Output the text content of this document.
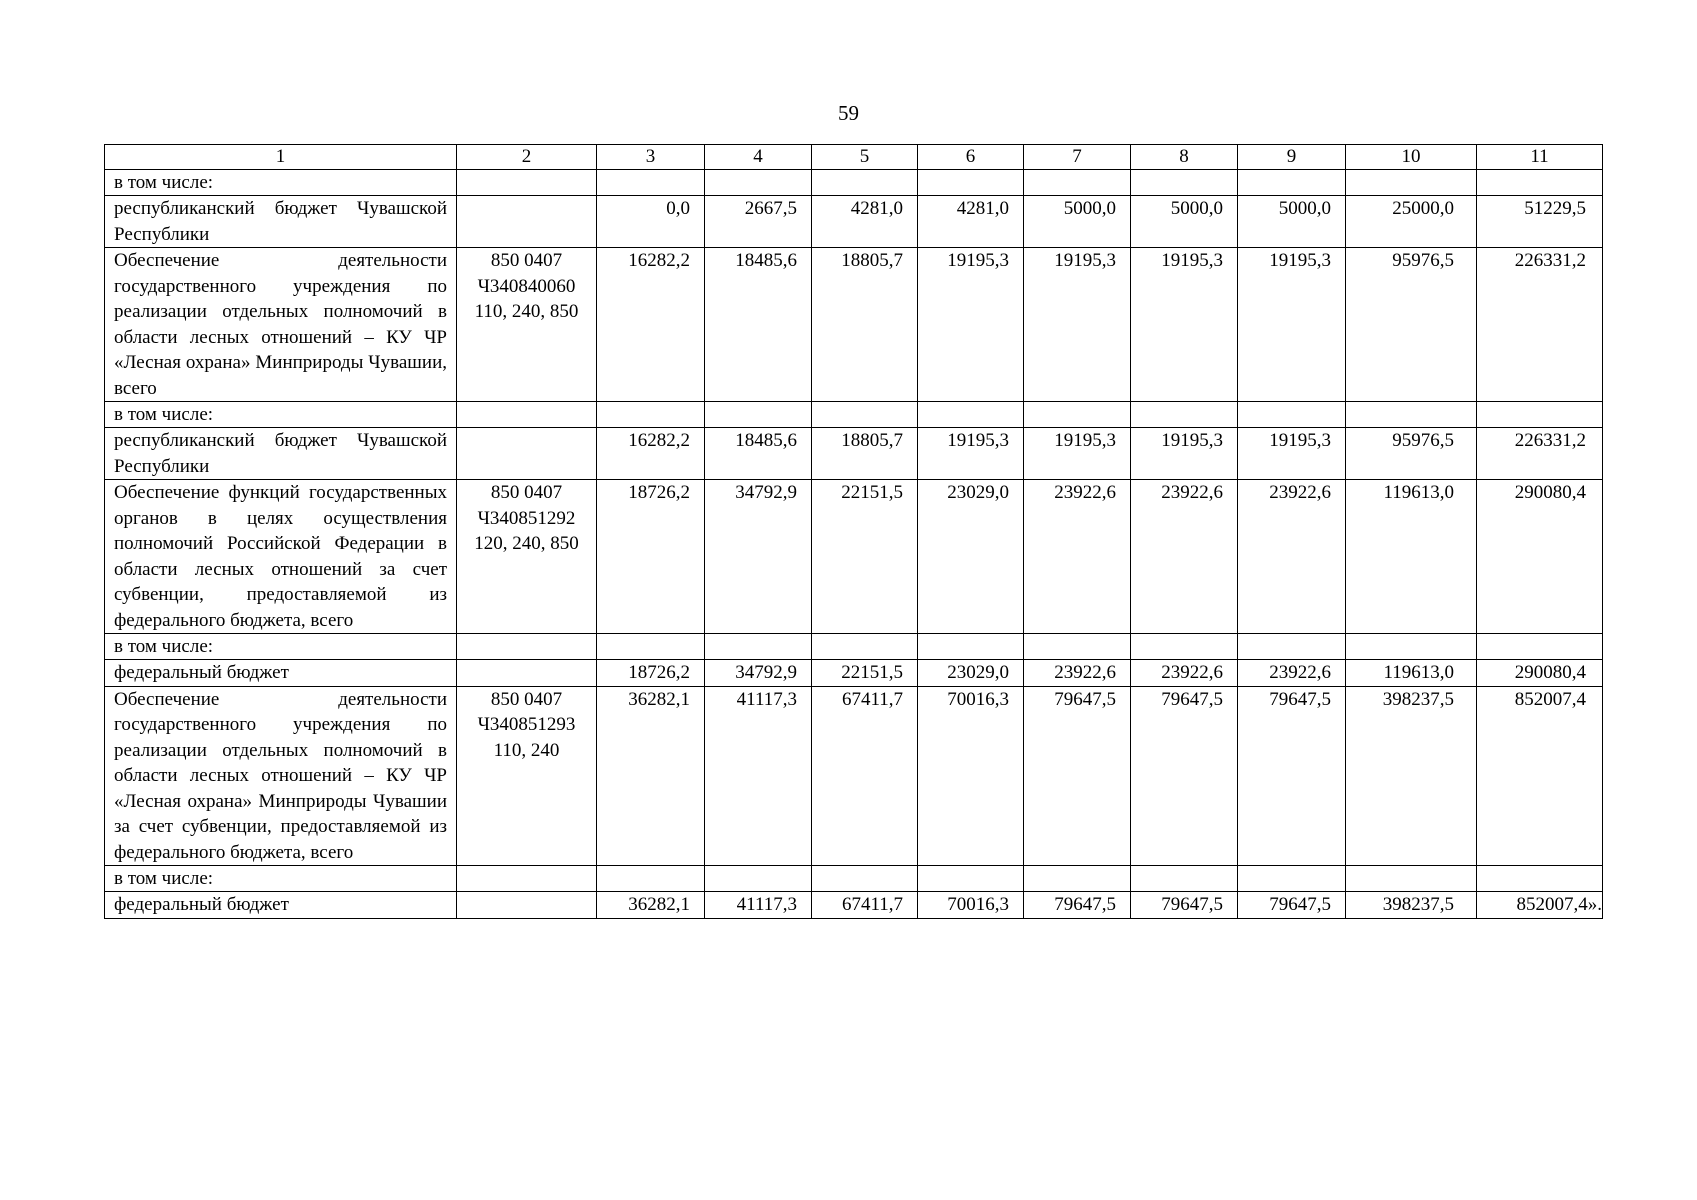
59
1	2	3	4	5	6	7	8	9	10	11
в том числе:										
республиканский бюджет Чувашской Республики		0,0	2667,5	4281,0	4281,0	5000,0	5000,0	5000,0	25000,0	51229,5
Обеспечение деятельности государственного учреждения по реализации отдельных полномочий в области лесных отношений – КУ ЧР «Лесная охрана» Минприроды Чувашии, всего	850 0407 Ч340840060 110, 240, 850	16282,2	18485,6	18805,7	19195,3	19195,3	19195,3	19195,3	95976,5	226331,2
в том числе:										
республиканский бюджет Чувашской Республики		16282,2	18485,6	18805,7	19195,3	19195,3	19195,3	19195,3	95976,5	226331,2
Обеспечение функций государственных органов в целях осуществления полномочий Российской Федерации в области лесных отношений за счет субвенции, предоставляемой из федерального бюджета, всего	850 0407 Ч340851292 120, 240, 850	18726,2	34792,9	22151,5	23029,0	23922,6	23922,6	23922,6	119613,0	290080,4
в том числе:										
федеральный бюджет		18726,2	34792,9	22151,5	23029,0	23922,6	23922,6	23922,6	119613,0	290080,4
Обеспечение деятельности государственного учреждения по реализации отдельных полномочий в области лесных отношений – КУ ЧР «Лесная охрана» Минприроды Чувашии за счет субвенции, предоставляемой из федерального бюджета, всего	850 0407 Ч340851293 110, 240	36282,1	41117,3	67411,7	70016,3	79647,5	79647,5	79647,5	398237,5	852007,4
в том числе:										
федеральный бюджет		36282,1	41117,3	67411,7	70016,3	79647,5	79647,5	79647,5	398237,5	852007,4».
